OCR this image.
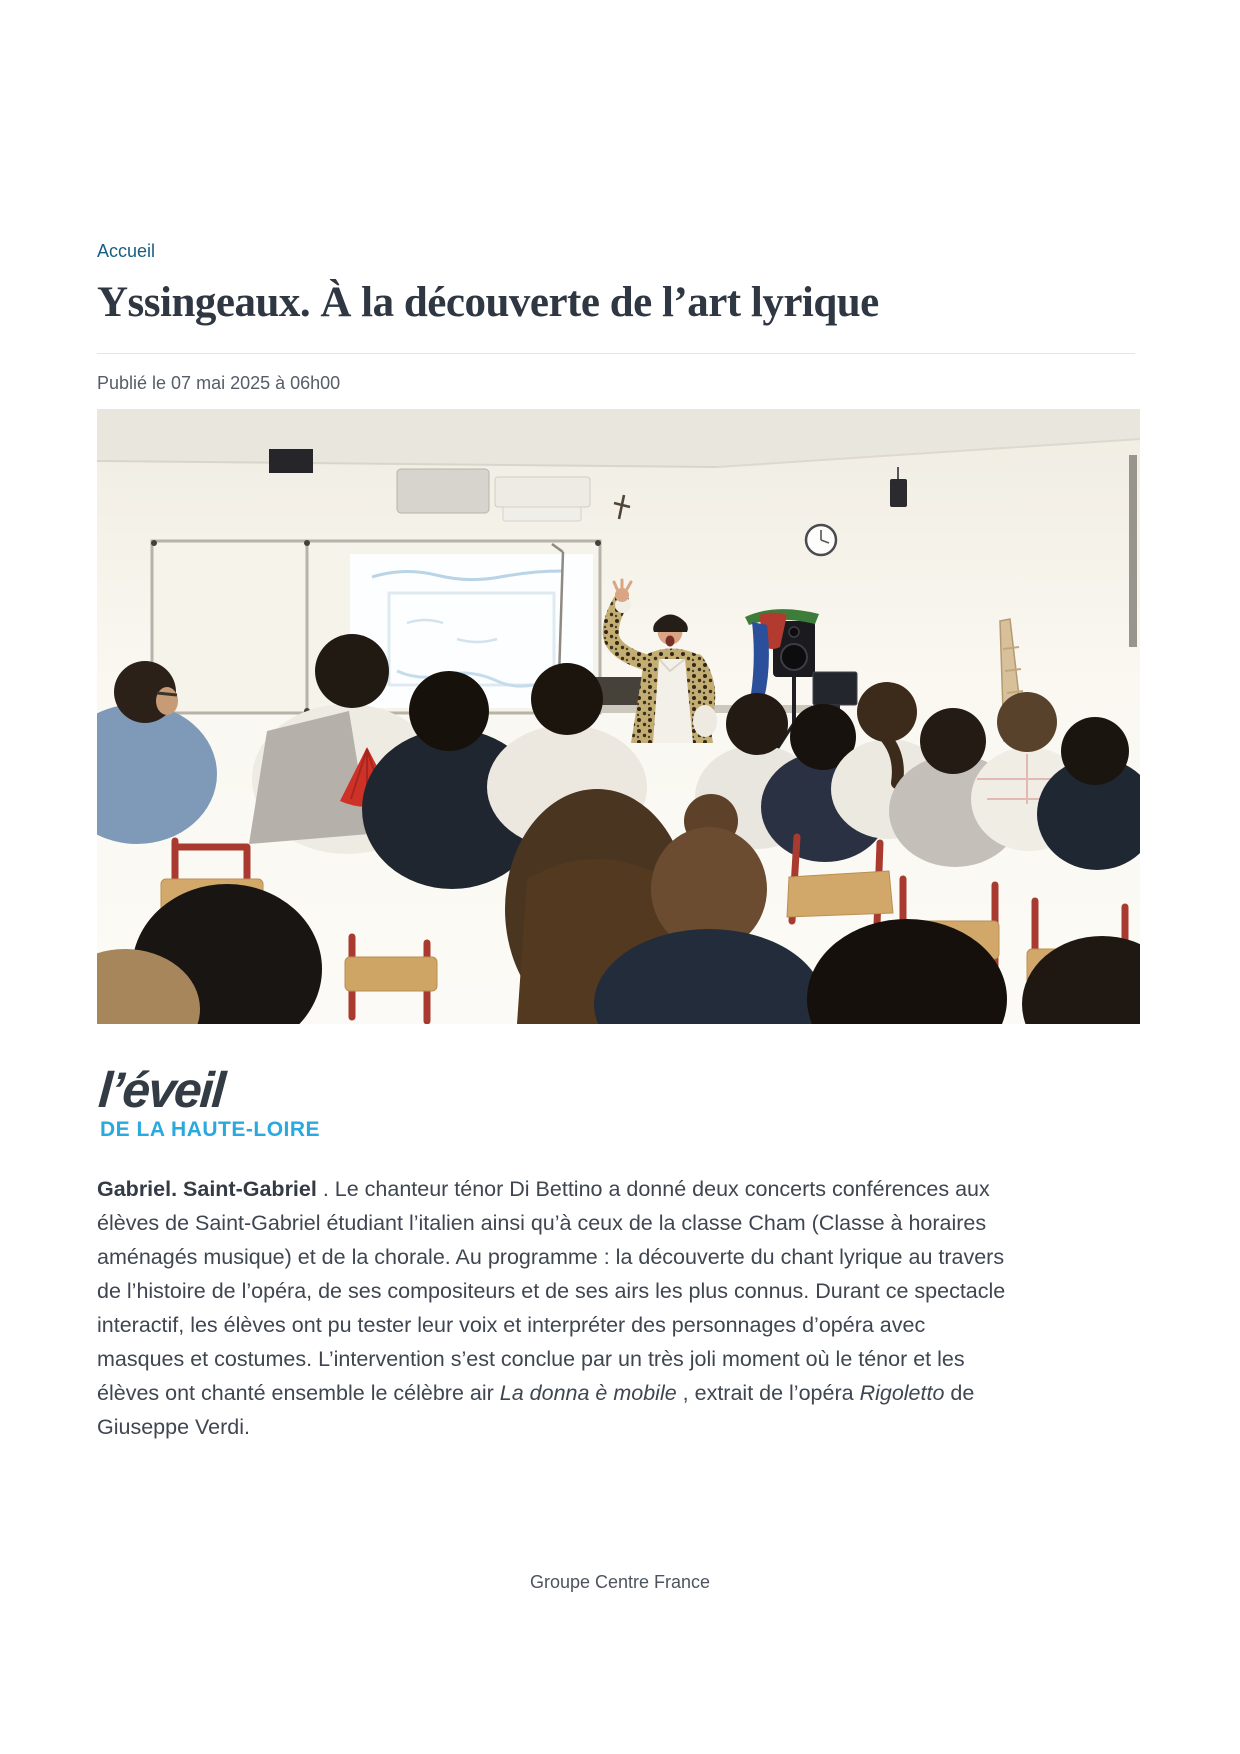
Accueil
Yssingeaux. À la découverte de l’art lyrique
Publié le 07 mai 2025 à 06h00
l’éveil
DE LA HAUTE-LOIRE

Gabriel. Saint-Gabriel . Le chanteur ténor Di Bettino a donné deux concerts conférences aux élèves de Saint-Gabriel étudiant l’italien ainsi qu’à ceux de la classe Cham (Classe à horaires aménagés musique) et de la chorale. Au programme : la découverte du chant lyrique au travers de l’histoire de l’opéra, de ses compositeurs et de ses airs les plus connus. Durant ce spectacle interactif, les élèves ont pu tester leur voix et interpréter des personnages d’opéra avec masques et costumes. L’intervention s’est conclue par un très joli moment où le ténor et les élèves ont chanté ensemble le célèbre air La donna è mobile , extrait de l’opéra Rigoletto de Giuseppe Verdi.

Groupe Centre France
